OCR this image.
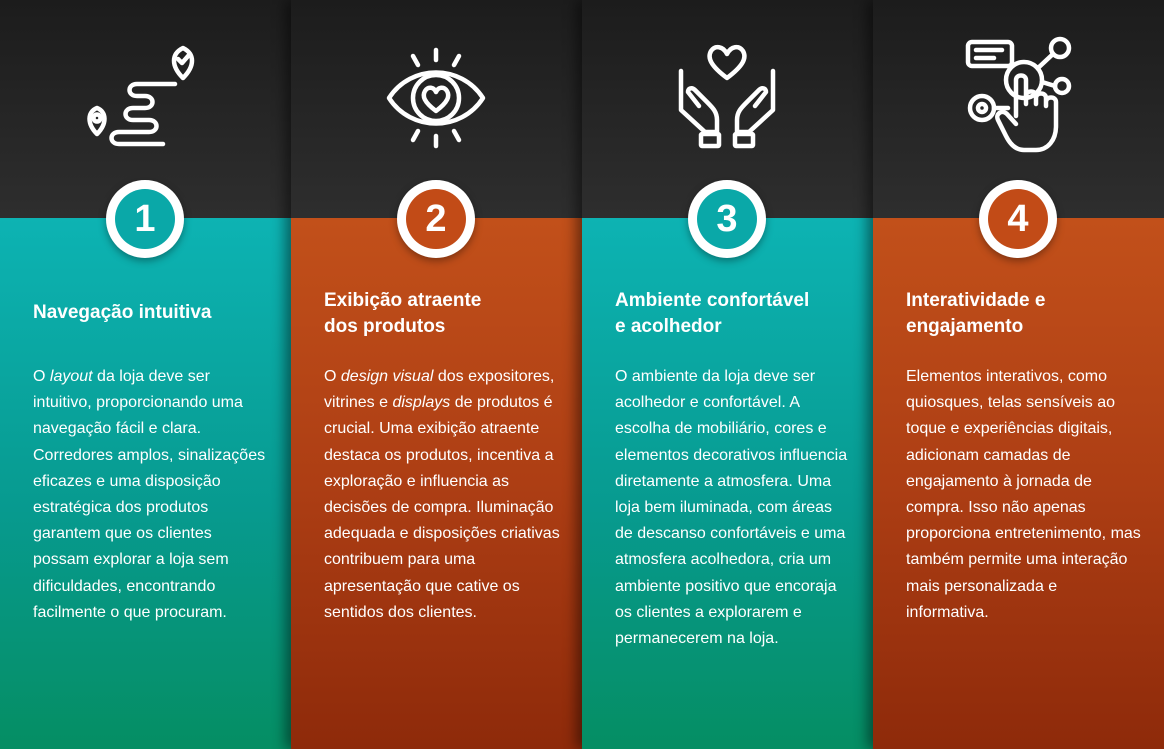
1
Navegação intuitiva

O layout da loja deve ser intuitivo, proporcionando uma navegação fácil e clara. Corredores amplos, sinalizações eficazes e uma disposição estratégica dos produtos garantem que os clientes possam explorar a loja sem dificuldades, encontrando facilmente o que procuram.

2
Exibição atraente
dos produtos

O design visual dos expositores, vitrines e displays de produtos é crucial. Uma exibição atraente destaca os produtos, incentiva a exploração e influencia as decisões de compra. Iluminação adequada e disposições criativas contribuem para uma apresentação que cative os sentidos dos clientes.

3
Ambiente confortável
e acolhedor

O ambiente da loja deve ser acolhedor e confortável. A escolha de mobiliário, cores e elementos decorativos influencia diretamente a atmosfera. Uma loja bem iluminada, com áreas de descanso confortáveis e uma atmosfera acolhedora, cria um ambiente positivo que encoraja os clientes a explorarem e permanecerem na loja.

4
Interatividade e
engajamento

Elementos interativos, como quiosques, telas sensíveis ao toque e experiências digitais, adicionam camadas de engajamento à jornada de compra. Isso não apenas proporciona entretenimento, mas também permite uma interação mais personalizada e informativa.
